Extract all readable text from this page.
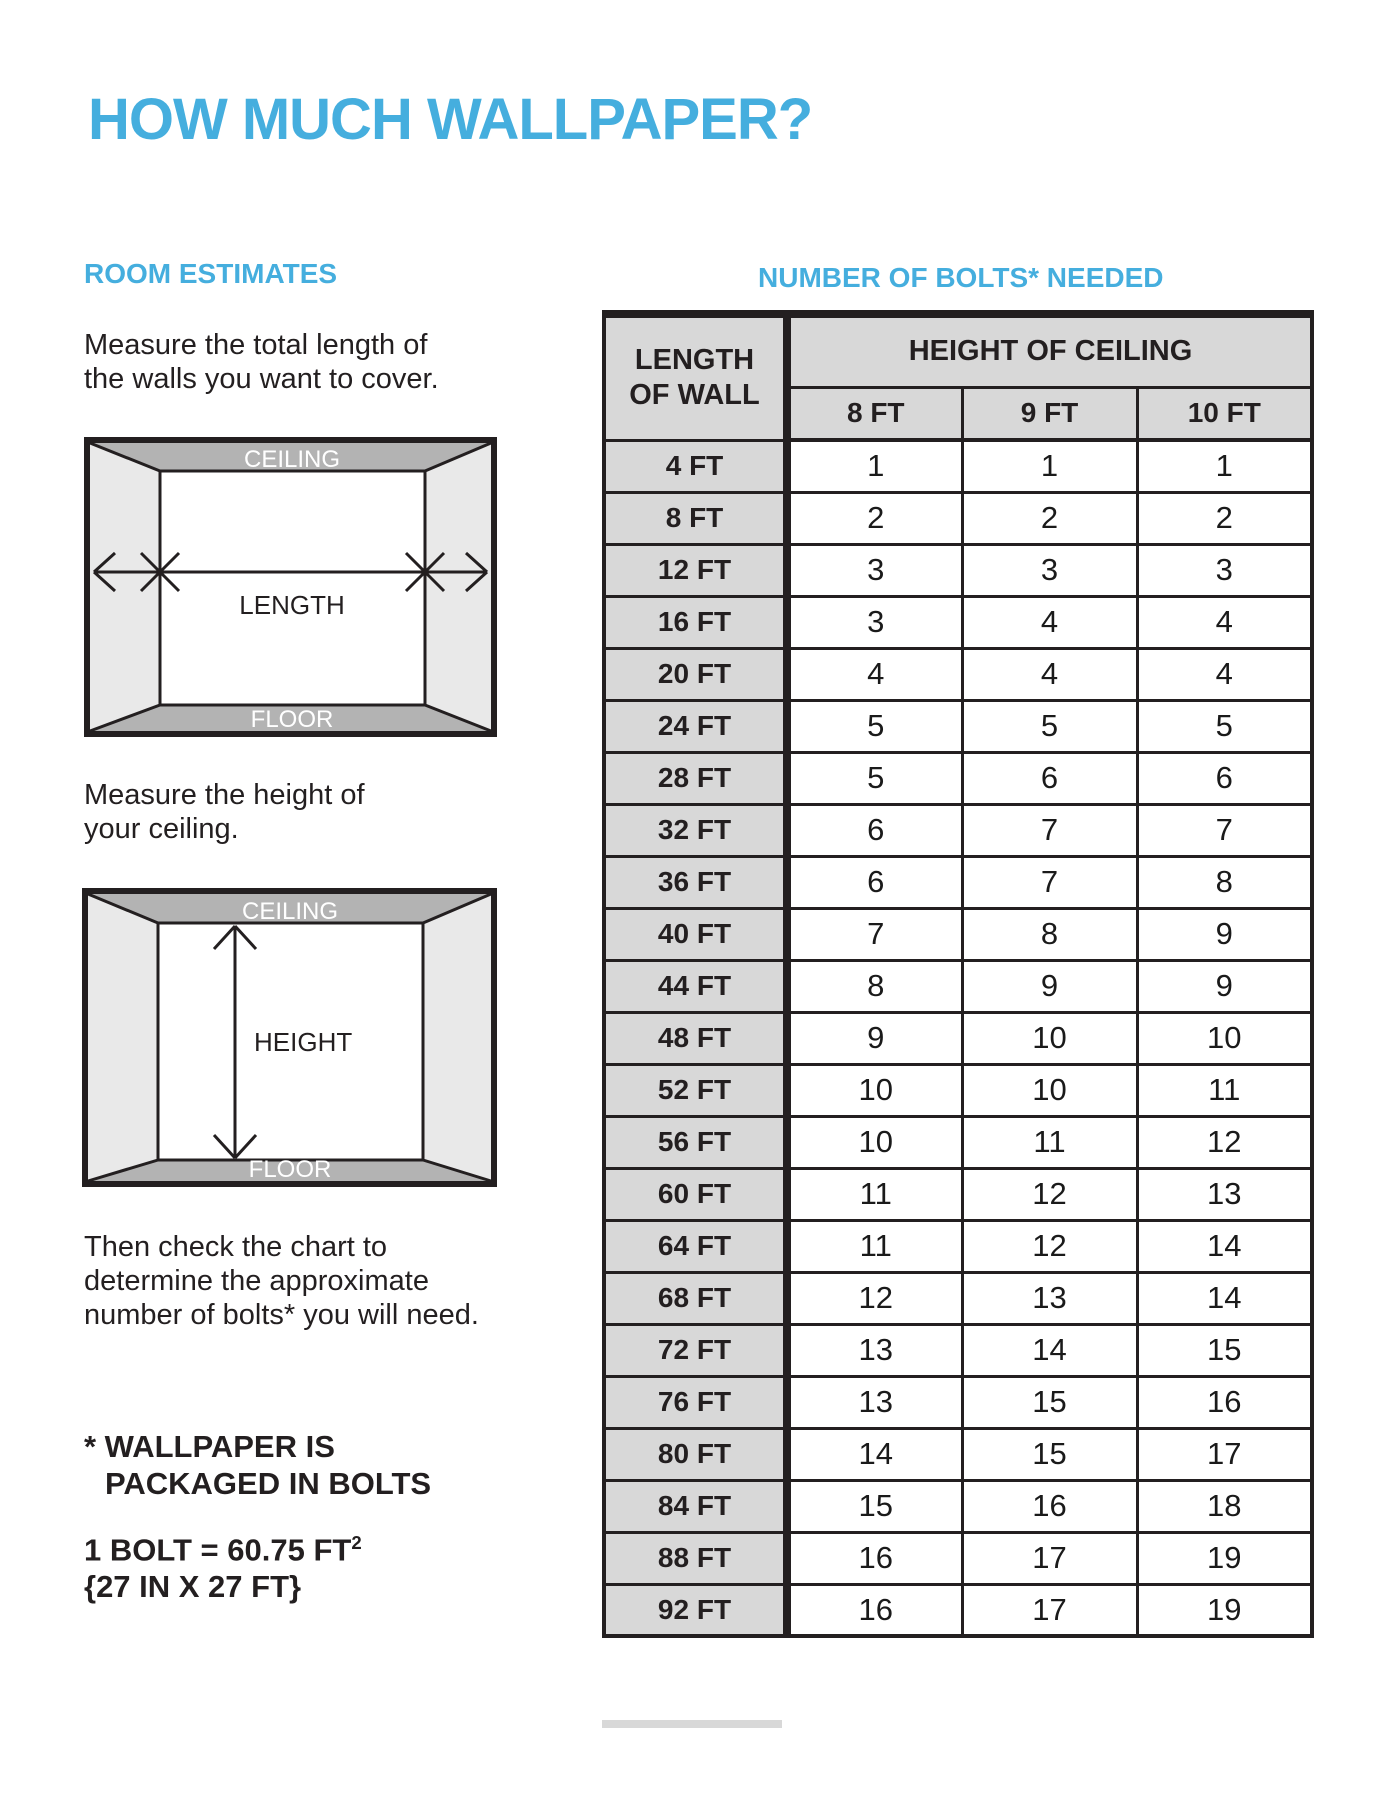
HOW MUCH WALLPAPER?
ROOM ESTIMATES
Measure the total length of
the walls you want to cover.
CEILING
FLOOR
LENGTH
Measure the height of
your ceiling.
CEILING
FLOOR
HEIGHT
Then check the chart to
determine the approximate
number of bolts* you will need.
* WALLPAPER IS
PACKAGED IN BOLTS
1 BOLT = 60.75 $FT^2$
{27 IN X 27 FT}
NUMBER OF BOLTS* NEEDED
LENGTH
OF WALL	HEIGHT OF CEILING		
	8 FT	9 FT	10 FT
4 FT	1	1	1
8 FT	2	2	2
12 FT	3	3	3
16 FT	3	4	4
20 FT	4	4	4
24 FT	5	5	5
28 FT	5	6	6
32 FT	6	7	7
36 FT	6	7	8
40 FT	7	8	9
44 FT	8	9	9
48 FT	9	10	10
52 FT	10	10	11
56 FT	10	11	12
60 FT	11	12	13
64 FT	11	12	14
68 FT	12	13	14
72 FT	13	14	15
76 FT	13	15	16
80 FT	14	15	17
84 FT	15	16	18
88 FT	16	17	19
92 FT	16	17	19
